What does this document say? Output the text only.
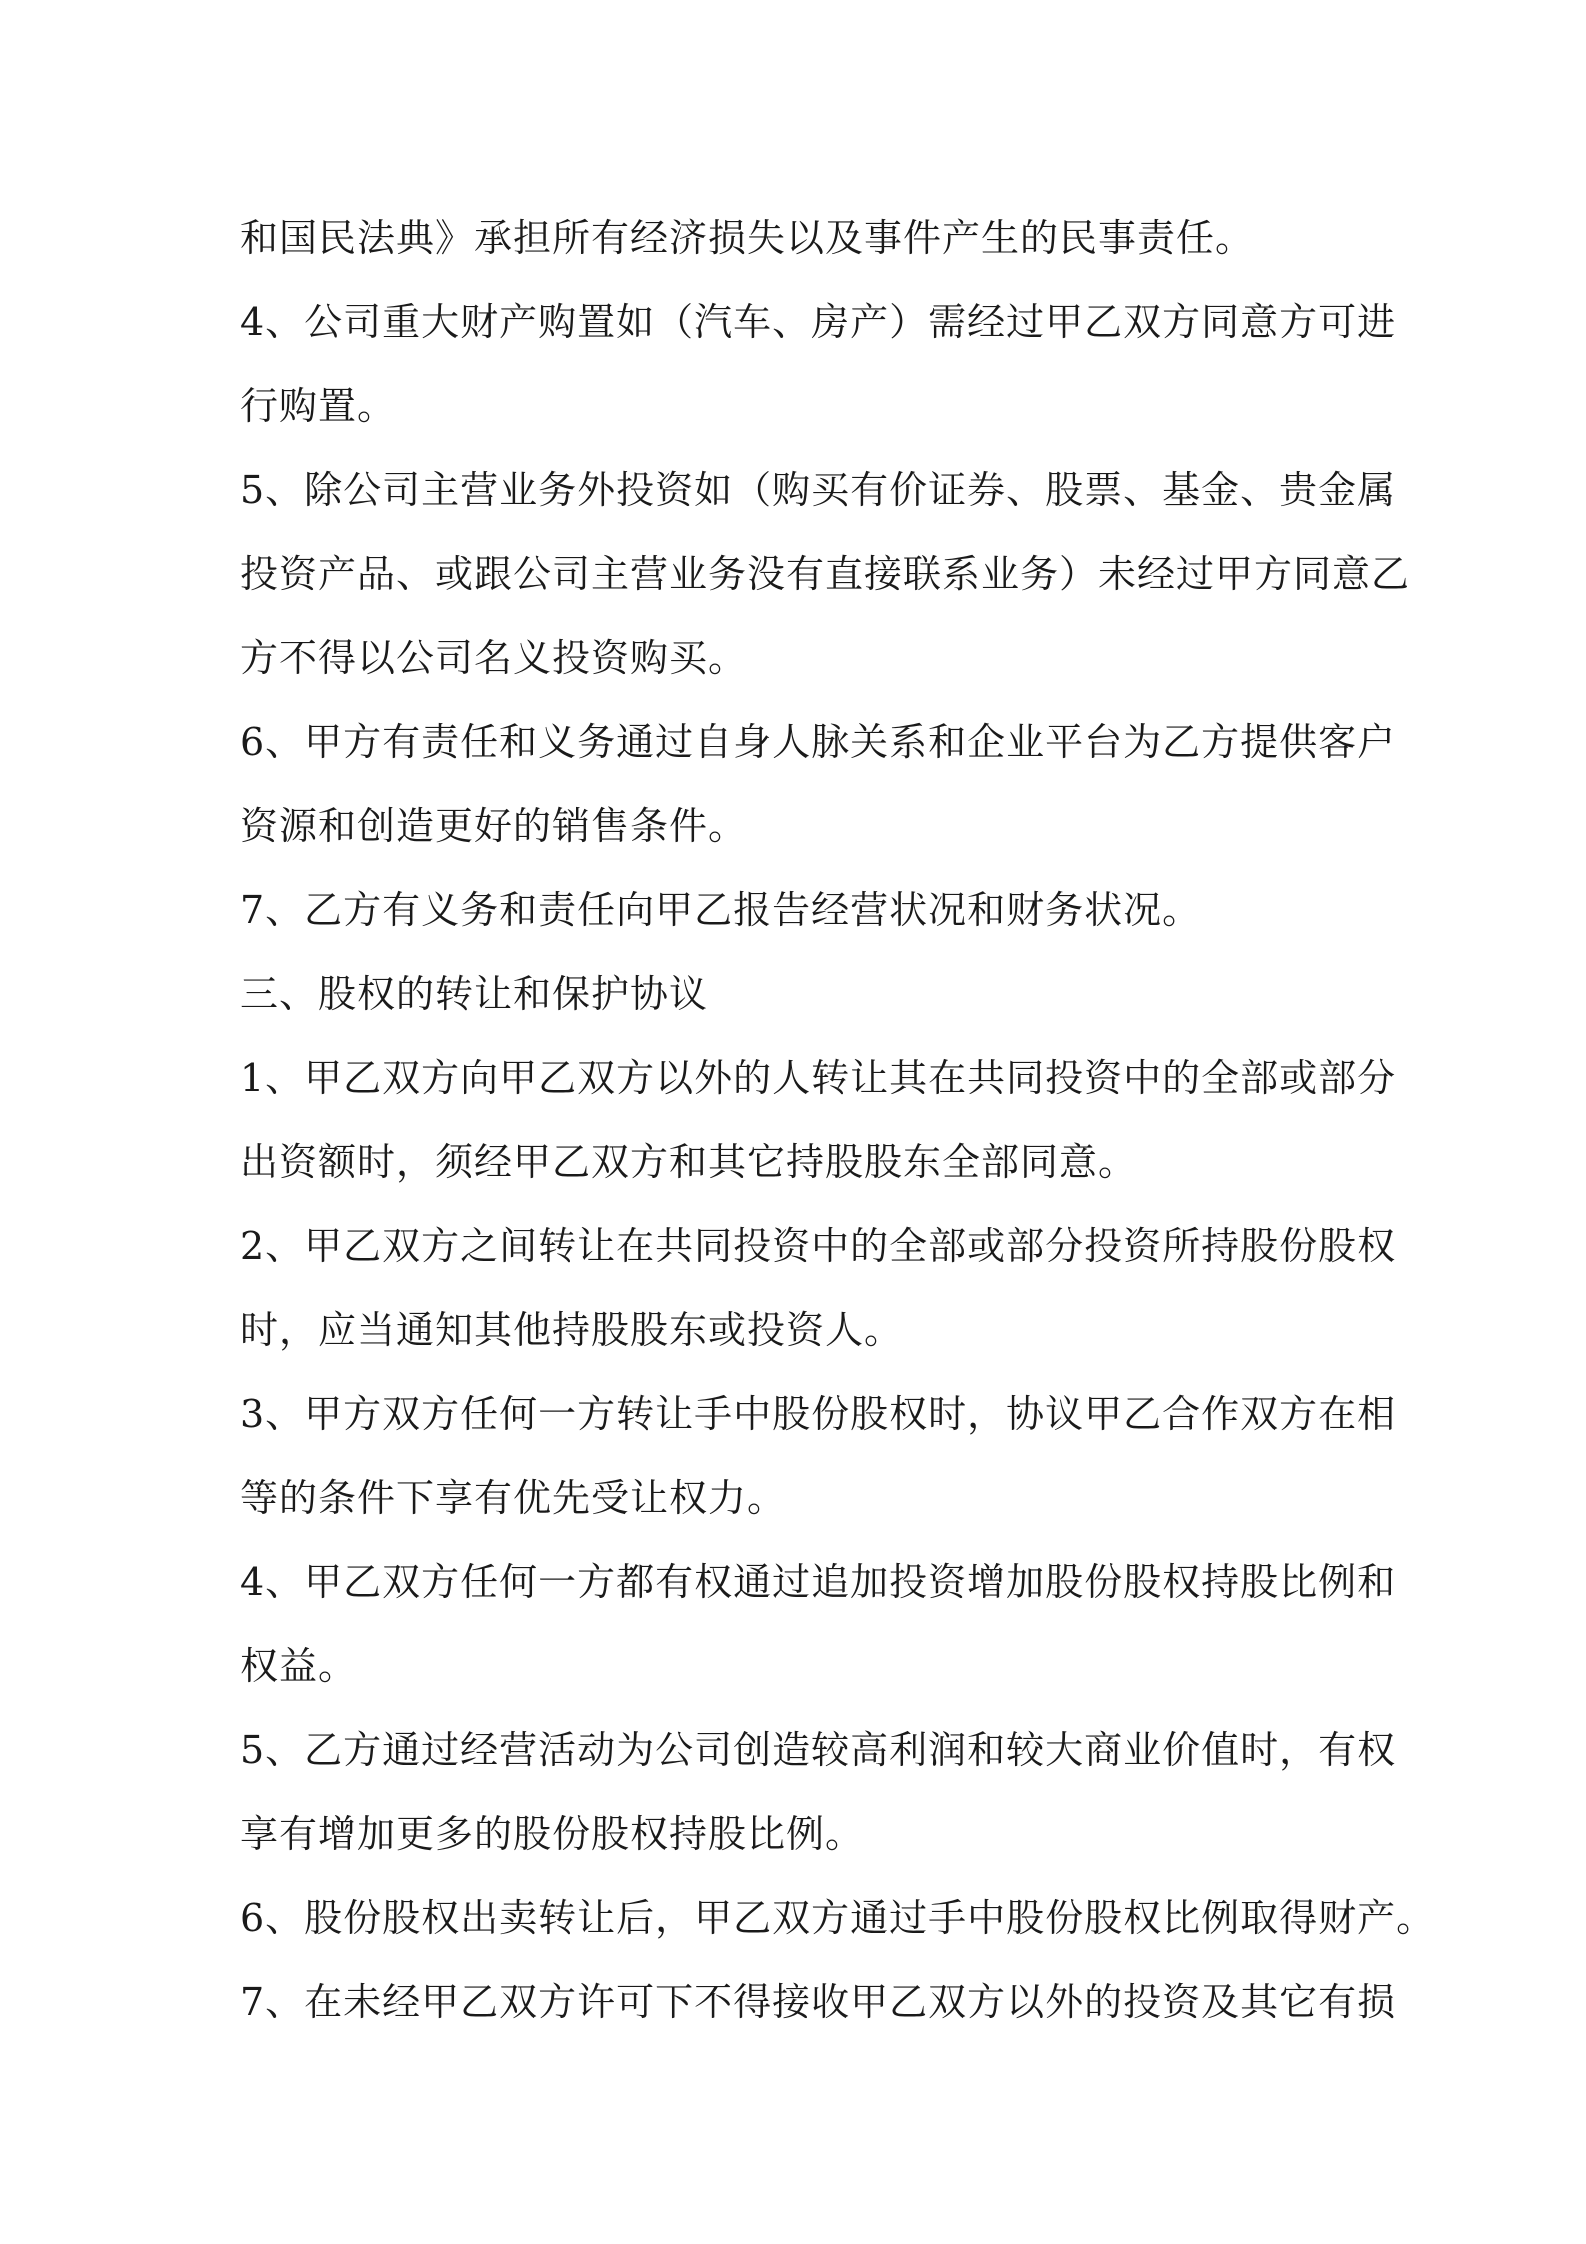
和国民法典》承担所有经济损失以及事件产生的民事责任。
4、公司重大财产购置如（汽车、房产）需经过甲乙双方同意方可进
行购置。
5、除公司主营业务外投资如（购买有价证券、股票、基金、贵金属
投资产品、或跟公司主营业务没有直接联系业务）未经过甲方同意乙
方不得以公司名义投资购买。
6、甲方有责任和义务通过自身人脉关系和企业平台为乙方提供客户
资源和创造更好的销售条件。
7、乙方有义务和责任向甲乙报告经营状况和财务状况。
三、股权的转让和保护协议
1、甲乙双方向甲乙双方以外的人转让其在共同投资中的全部或部分
出资额时，须经甲乙双方和其它持股股东全部同意。
2、甲乙双方之间转让在共同投资中的全部或部分投资所持股份股权
时，应当通知其他持股股东或投资人。
3、甲方双方任何一方转让手中股份股权时，协议甲乙合作双方在相
等的条件下享有优先受让权力。
4、甲乙双方任何一方都有权通过追加投资增加股份股权持股比例和
权益。
5、乙方通过经营活动为公司创造较高利润和较大商业价值时，有权
享有增加更多的股份股权持股比例。
6、股份股权出卖转让后，甲乙双方通过手中股份股权比例取得财产。
7、在未经甲乙双方许可下不得接收甲乙双方以外的投资及其它有损
